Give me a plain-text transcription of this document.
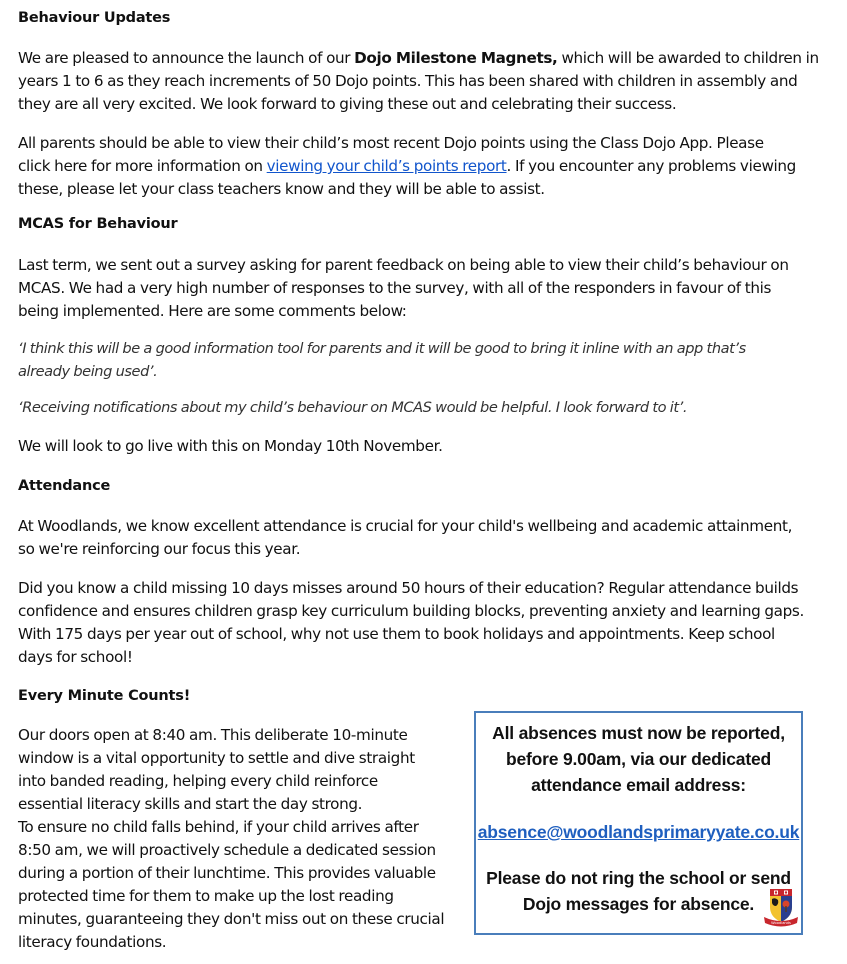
Behaviour Updates
We are pleased to announce the launch of our Dojo Milestone Magnets, which will be awarded to children in
years 1 to 6 as they reach increments of 50 Dojo points. This has been shared with children in assembly and
they are all very excited. We look forward to giving these out and celebrating their success.
All parents should be able to view their child’s most recent Dojo points using the Class Dojo App. Please
click here for more information on viewing your child’s points report. If you encounter any problems viewing
these, please let your class teachers know and they will be able to assist.
MCAS for Behaviour
Last term, we sent out a survey asking for parent feedback on being able to view their child’s behaviour on
MCAS. We had a very high number of responses to the survey, with all of the responders in favour of this
being implemented. Here are some comments below:
‘I think this will be a good information tool for parents and it will be good to bring it inline with an app that’s
already being used’.
‘Receiving notifications about my child’s behaviour on MCAS would be helpful. I look forward to it’.
We will look to go live with this on Monday 10th November.
Attendance
At Woodlands, we know excellent attendance is crucial for your child's wellbeing and academic attainment,
so we're reinforcing our focus this year.
Did you know a child missing 10 days misses around 50 hours of their education? Regular attendance builds
confidence and ensures children grasp key curriculum building blocks, preventing anxiety and learning gaps.
With 175 days per year out of school, why not use them to book holidays and appointments. Keep school
days for school!
Every Minute Counts!
Our doors open at 8:40 am. This deliberate 10-minute
window is a vital opportunity to settle and dive straight
into banded reading, helping every child reinforce
essential literacy skills and start the day strong.
To ensure no child falls behind, if your child arrives after
8:50 am, we will proactively schedule a dedicated session
during a portion of their lunchtime. This provides valuable
protected time for them to make up the lost reading
minutes, guaranteeing they don't miss out on these crucial
literacy foundations.
All absences must now be reported,
before 9.00am, via our dedicated
attendance email address:
absence@woodlandsprimaryyate.co.uk
Please do not ring the school or send
Dojo messages for absence.
Woodlands
